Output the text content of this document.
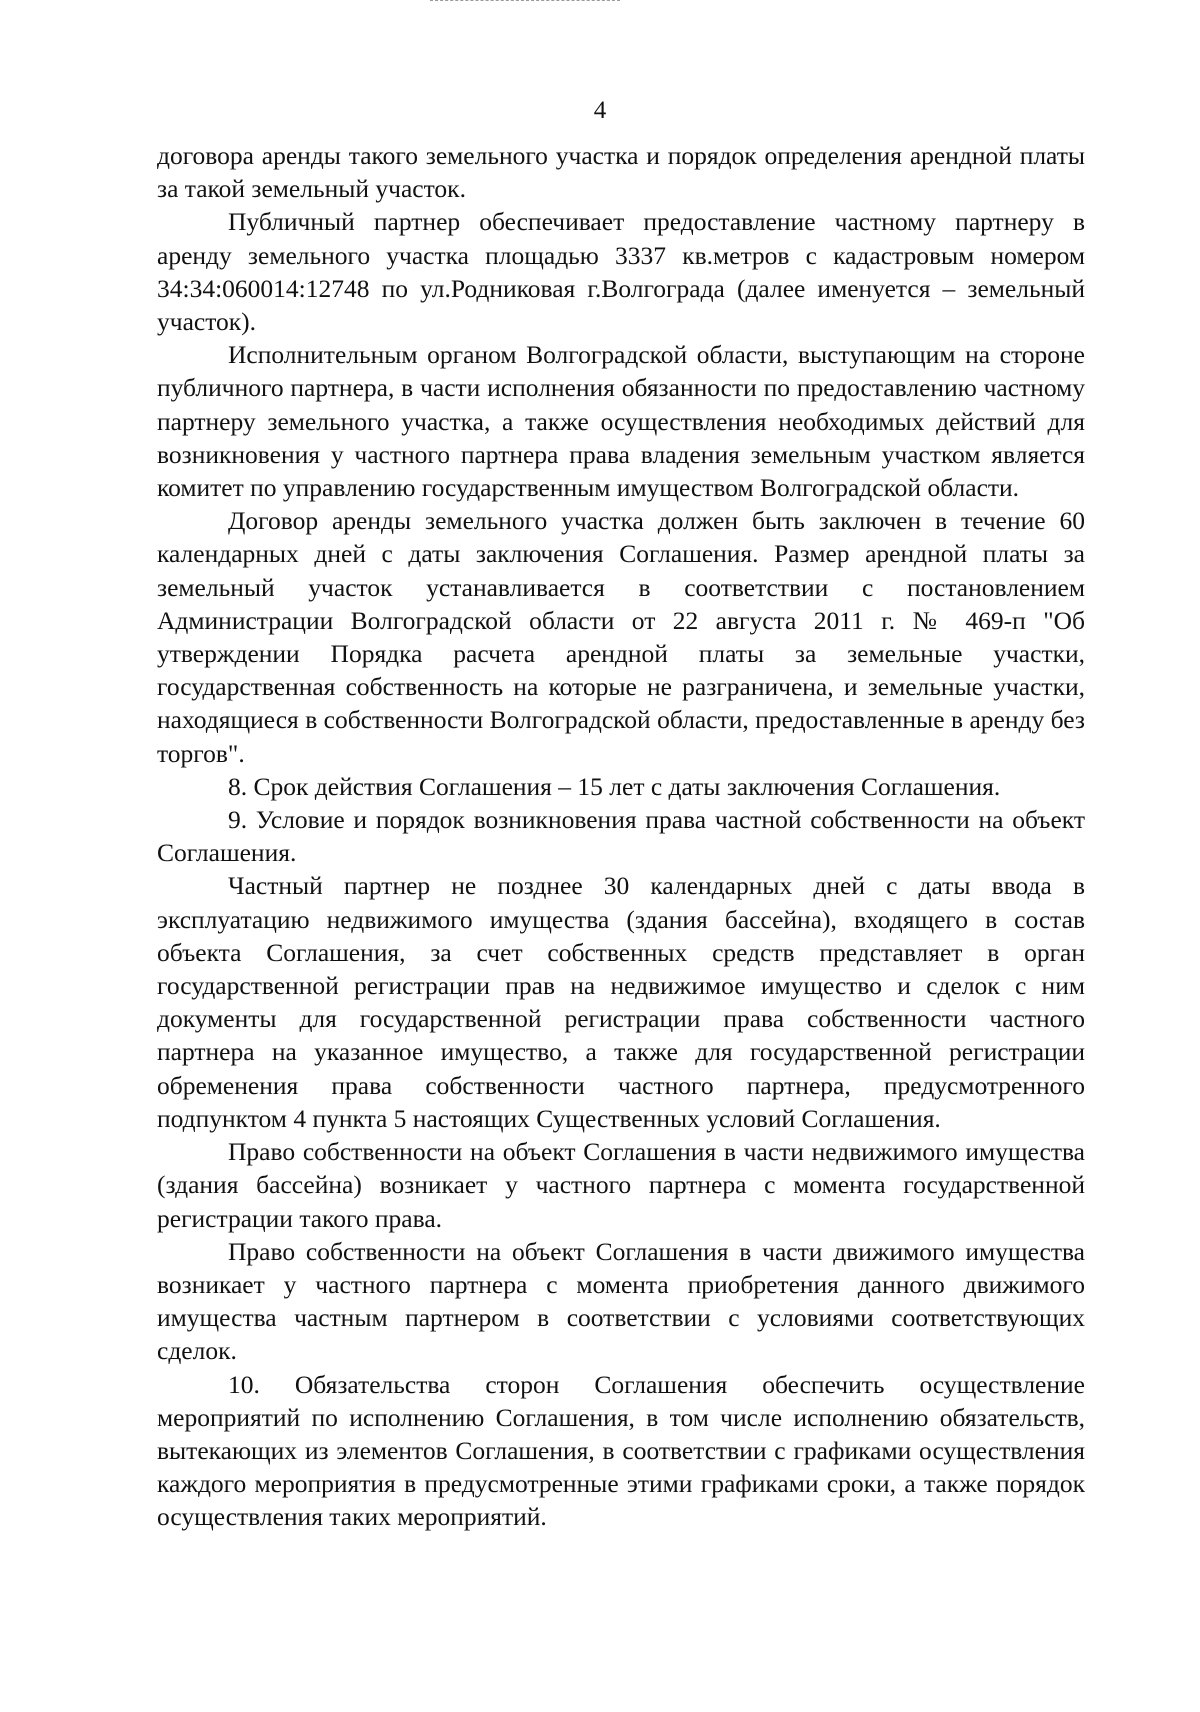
4

договора аренды такого земельного участка и порядок определения арендной платы за такой земельный участок.

Публичный партнер обеспечивает предоставление частному партнеру в аренду земельного участка площадью 3337 кв.метров с кадастровым номером 34:34:060014:12748 по ул.Родниковая г.Волгограда (далее именуется – земельный участок).

Исполнительным органом Волгоградской области, выступающим на стороне публичного партнера, в части исполнения обязанности по предоставлению частному партнеру земельного участка, а также осуществления необходимых действий для возникновения у частного партнера права владения земельным участком является комитет по управлению государственным имуществом Волгоградской области.

Договор аренды земельного участка должен быть заключен в течение 60 календарных дней с даты заключения Соглашения. Размер арендной платы за земельный участок устанавливается в соответствии с постановлением Администрации Волгоградской области от 22 августа 2011 г. № 469-п "Об утверждении Порядка расчета арендной платы за земельные участки, государственная собственность на которые не разграничена, и земельные участки, находящиеся в собственности Волгоградской области, предоставленные в аренду без торгов".

8. Срок действия Соглашения – 15 лет с даты заключения Соглашения.

9. Условие и порядок возникновения права частной собственности на объект Соглашения.

Частный партнер не позднее 30 календарных дней с даты ввода в эксплуатацию недвижимого имущества (здания бассейна), входящего в состав объекта Соглашения, за счет собственных средств представляет в орган государственной регистрации прав на недвижимое имущество и сделок с ним документы для государственной регистрации права собственности частного партнера на указанное имущество, а также для государственной регистрации обременения права собственности частного партнера, предусмотренного подпунктом 4 пункта 5 настоящих Существенных условий Соглашения.

Право собственности на объект Соглашения в части недвижимого имущества (здания бассейна) возникает у частного партнера с момента государственной регистрации такого права.

Право собственности на объект Соглашения в части движимого имущества возникает у частного партнера с момента приобретения данного движимого имущества частным партнером в соответствии с условиями соответствующих сделок.

10. Обязательства сторон Соглашения обеспечить осуществление мероприятий по исполнению Соглашения, в том числе исполнению обязательств, вытекающих из элементов Соглашения, в соответствии с графиками осуществления каждого мероприятия в предусмотренные этими графиками сроки, а также порядок осуществления таких мероприятий.
